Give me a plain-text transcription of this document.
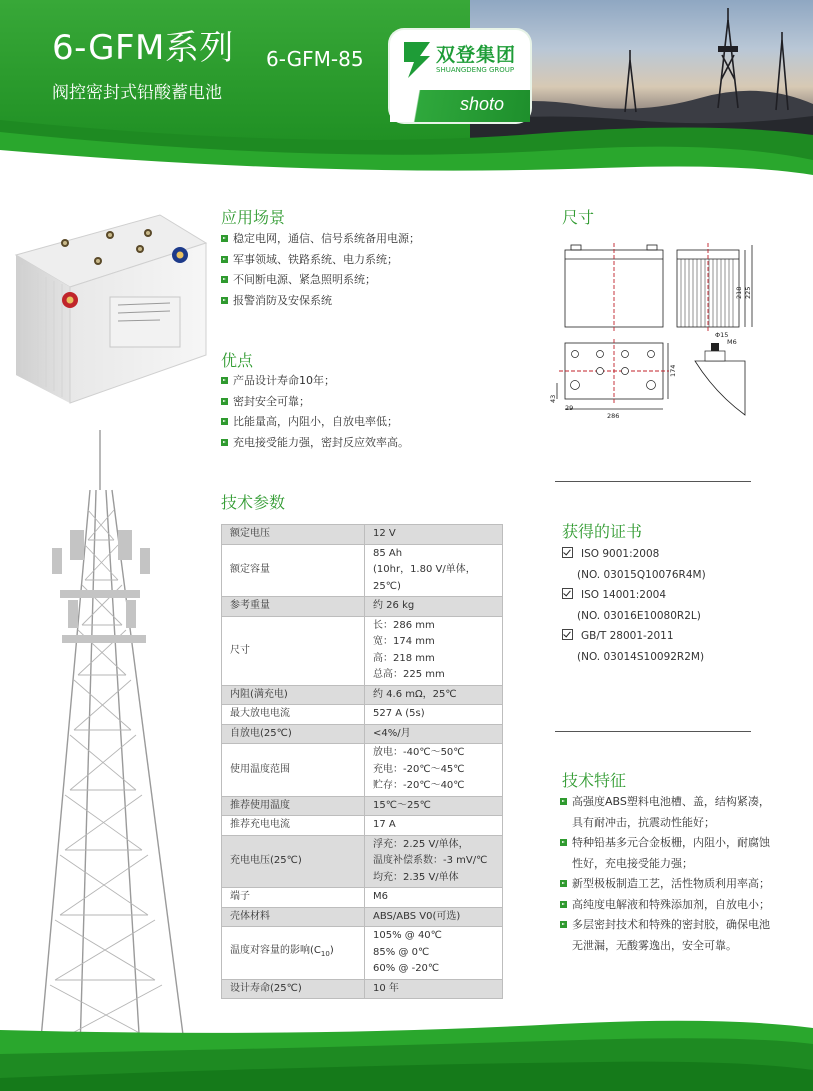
6-GFM系列 6-GFM-85
阀控密封式铅酸蓄电池
双登集团
SHUANGDENG GROUP
shoto
应用场景
稳定电网，通信、信号系统备用电源；
军事领域、铁路系统、电力系统；
不间断电源、紧急照明系统；
报警消防及安保系统
优点
产品设计寿命10年；
密封安全可靠；
比能量高，内阻小，自放电率低；
充电接受能力强，密封反应效率高。
技术参数
额定电压	12 V

额定容量	85 Ah
(10hr，1.80 V/单体，25℃)

参考重量	约 26 kg

尺寸	长：286 mm
宽：174 mm
高：218 mm
总高：225 mm

内阻(满充电)	约 4.6 mΩ，25℃

最大放电电流	527 A (5s)

自放电(25℃)	<4%/月

使用温度范围	放电：-40℃～50℃
充电：-20℃～45℃
贮存：-20℃～40℃

推荐使用温度	15℃～25℃

推荐充电电流	17 A

充电电压(25℃)	浮充：2.25 V/单体，
温度补偿系数：-3 mV/℃
均充：2.35 V/单体

端子	M6

壳体材料	ABS/ABS V0(可选)

温度对容量的影响$(C_{10})$	105% @ 40℃
85% @ 0℃
60% @ -20℃

设计寿命(25℃)	10 年
尺寸
218 225
174
286
Φ15
M6
43
29
获得的证书
ISO 9001:2008
(NO. 03015Q10076R4M)
ISO 14001:2004
(NO. 03016E10080R2L)
GB/T 28001-2011
(NO. 03014S10092R2M)
技术特征
高强度ABS塑料电池槽、盖，结构紧凑，
具有耐冲击，抗震动性能好；
特种铅基多元合金板栅，内阻小，耐腐蚀
性好，充电接受能力强；
新型极板制造工艺，活性物质利用率高；
高纯度电解液和特殊添加剂，自放电小；
多层密封技术和特殊的密封胶，确保电池
无泄漏，无酸雾逸出，安全可靠。
